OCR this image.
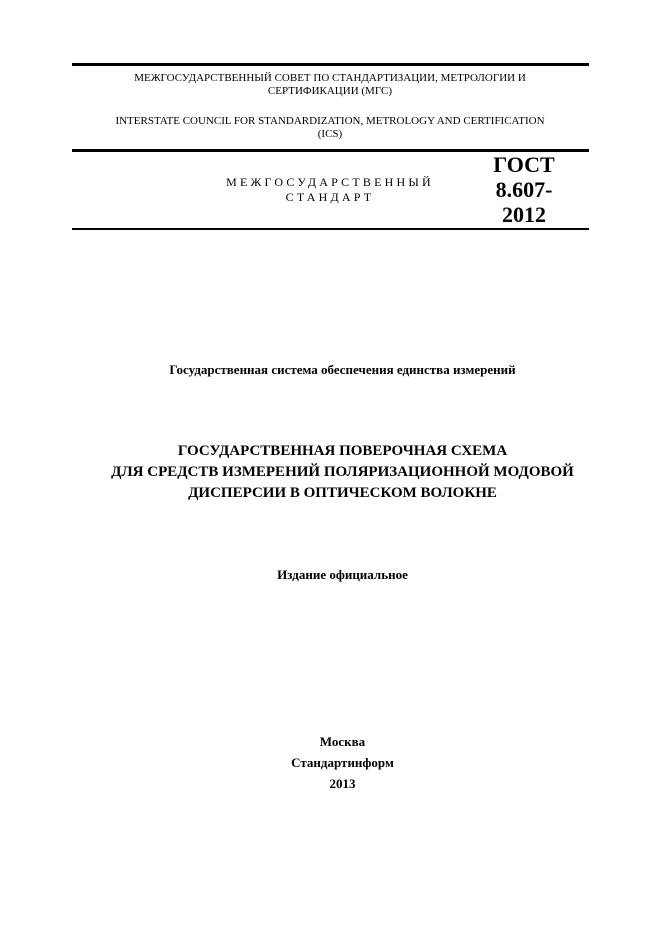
МЕЖГОСУДАРСТВЕННЫЙ СОВЕТ ПО СТАНДАРТИЗАЦИИ, МЕТРОЛОГИИ И
СЕРТИФИКАЦИИ (МГС)
INTERSTATE COUNCIL FOR STANDARDIZATION, METROLOGY AND CERTIFICATION
(ICS)
МЕЖГОСУДАРСТВЕННЫЙ
СТАНДАРТ
ГОСТ
8.607-
2012
Государственная система обеспечения единства измерений
ГОСУДАРСТВЕННАЯ ПОВЕРОЧНАЯ СХЕМА
ДЛЯ СРЕДСТВ ИЗМЕРЕНИЙ ПОЛЯРИЗАЦИОННОЙ МОДОВОЙ
ДИСПЕРСИИ В ОПТИЧЕСКОМ ВОЛОКНЕ
Издание официальное
Москва
Стандартинформ
2013
